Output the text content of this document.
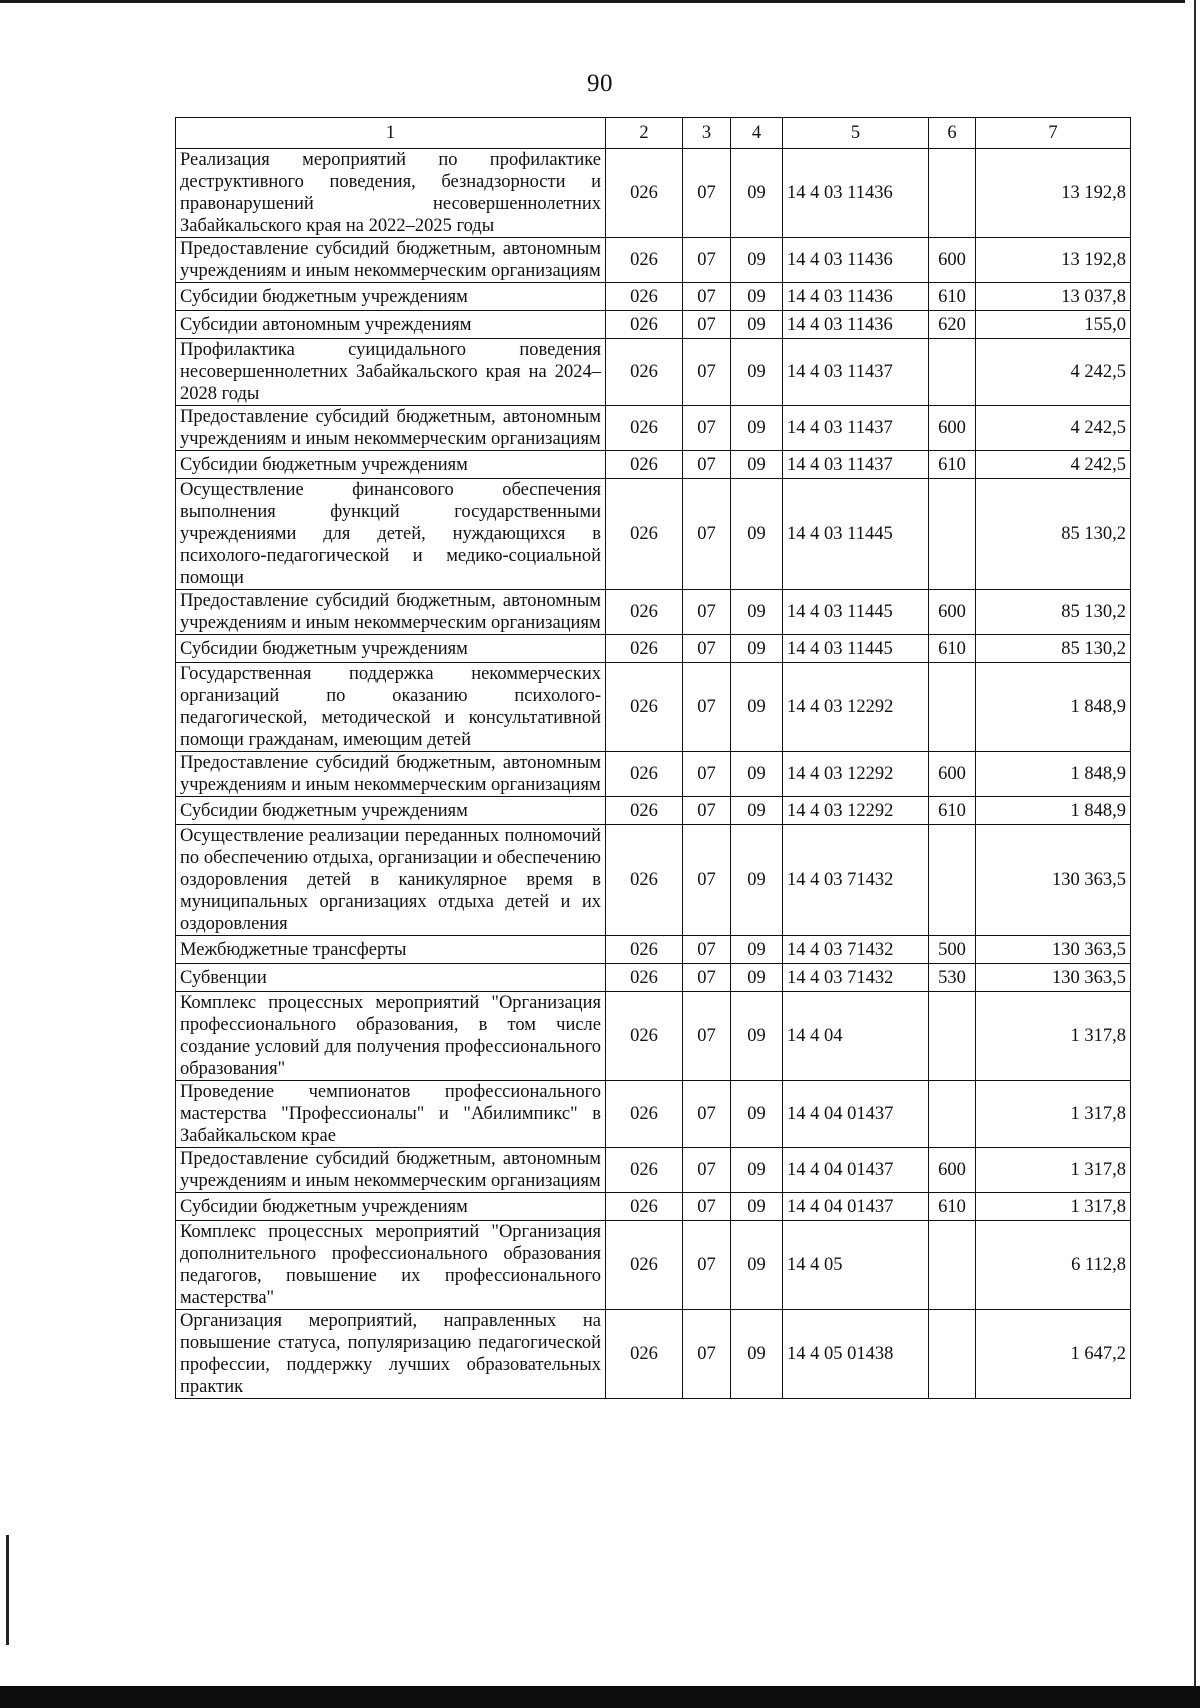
90
1	2	3	4	5	6	7
Реализация мероприятий по профилактике деструктивного поведения, безнадзорности и правонарушений несовершеннолетних Забайкальского края на 2022–2025 годы	026	07	09	14 4 03 11436		13 192,8
Предоставление субсидий бюджетным, автономным учреждениям и иным некоммерческим организациям	026	07	09	14 4 03 11436	600	13 192,8
Субсидии бюджетным учреждениям	026	07	09	14 4 03 11436	610	13 037,8
Субсидии автономным учреждениям	026	07	09	14 4 03 11436	620	155,0
Профилактика суицидального поведения несовершеннолетних Забайкальского края на 2024–2028 годы	026	07	09	14 4 03 11437		4 242,5
Предоставление субсидий бюджетным, автономным учреждениям и иным некоммерческим организациям	026	07	09	14 4 03 11437	600	4 242,5
Субсидии бюджетным учреждениям	026	07	09	14 4 03 11437	610	4 242,5
Осуществление финансового обеспечения выполнения функций государственными учреждениями для детей, нуждающихся в психолого-педагогической и медико-социальной помощи	026	07	09	14 4 03 11445		85 130,2
Предоставление субсидий бюджетным, автономным учреждениям и иным некоммерческим организациям	026	07	09	14 4 03 11445	600	85 130,2
Субсидии бюджетным учреждениям	026	07	09	14 4 03 11445	610	85 130,2
Государственная поддержка некоммерческих организаций по оказанию психолого-педагогической, методической и консультативной помощи гражданам, имеющим детей	026	07	09	14 4 03 12292		1 848,9
Предоставление субсидий бюджетным, автономным учреждениям и иным некоммерческим организациям	026	07	09	14 4 03 12292	600	1 848,9
Субсидии бюджетным учреждениям	026	07	09	14 4 03 12292	610	1 848,9
Осуществление реализации переданных полномочий по обеспечению отдыха, организации и обеспечению оздоровления детей в каникулярное время в муниципальных организациях отдыха детей и их оздоровления	026	07	09	14 4 03 71432		130 363,5
Межбюджетные трансферты	026	07	09	14 4 03 71432	500	130 363,5
Субвенции	026	07	09	14 4 03 71432	530	130 363,5
Комплекс процессных мероприятий "Организация профессионального образования, в том числе создание условий для получения профессионального образования"	026	07	09	14 4 04		1 317,8
Проведение чемпионатов профессионального мастерства "Профессионалы" и "Абилимпикс" в Забайкальском крае	026	07	09	14 4 04 01437		1 317,8
Предоставление субсидий бюджетным, автономным учреждениям и иным некоммерческим организациям	026	07	09	14 4 04 01437	600	1 317,8
Субсидии бюджетным учреждениям	026	07	09	14 4 04 01437	610	1 317,8
Комплекс процессных мероприятий "Организация дополнительного профессионального образования педагогов, повышение их профессионального мастерства"	026	07	09	14 4 05		6 112,8
Организация мероприятий, направленных на повышение статуса, популяризацию педагогической профессии, поддержку лучших образовательных практик	026	07	09	14 4 05 01438		1 647,2
